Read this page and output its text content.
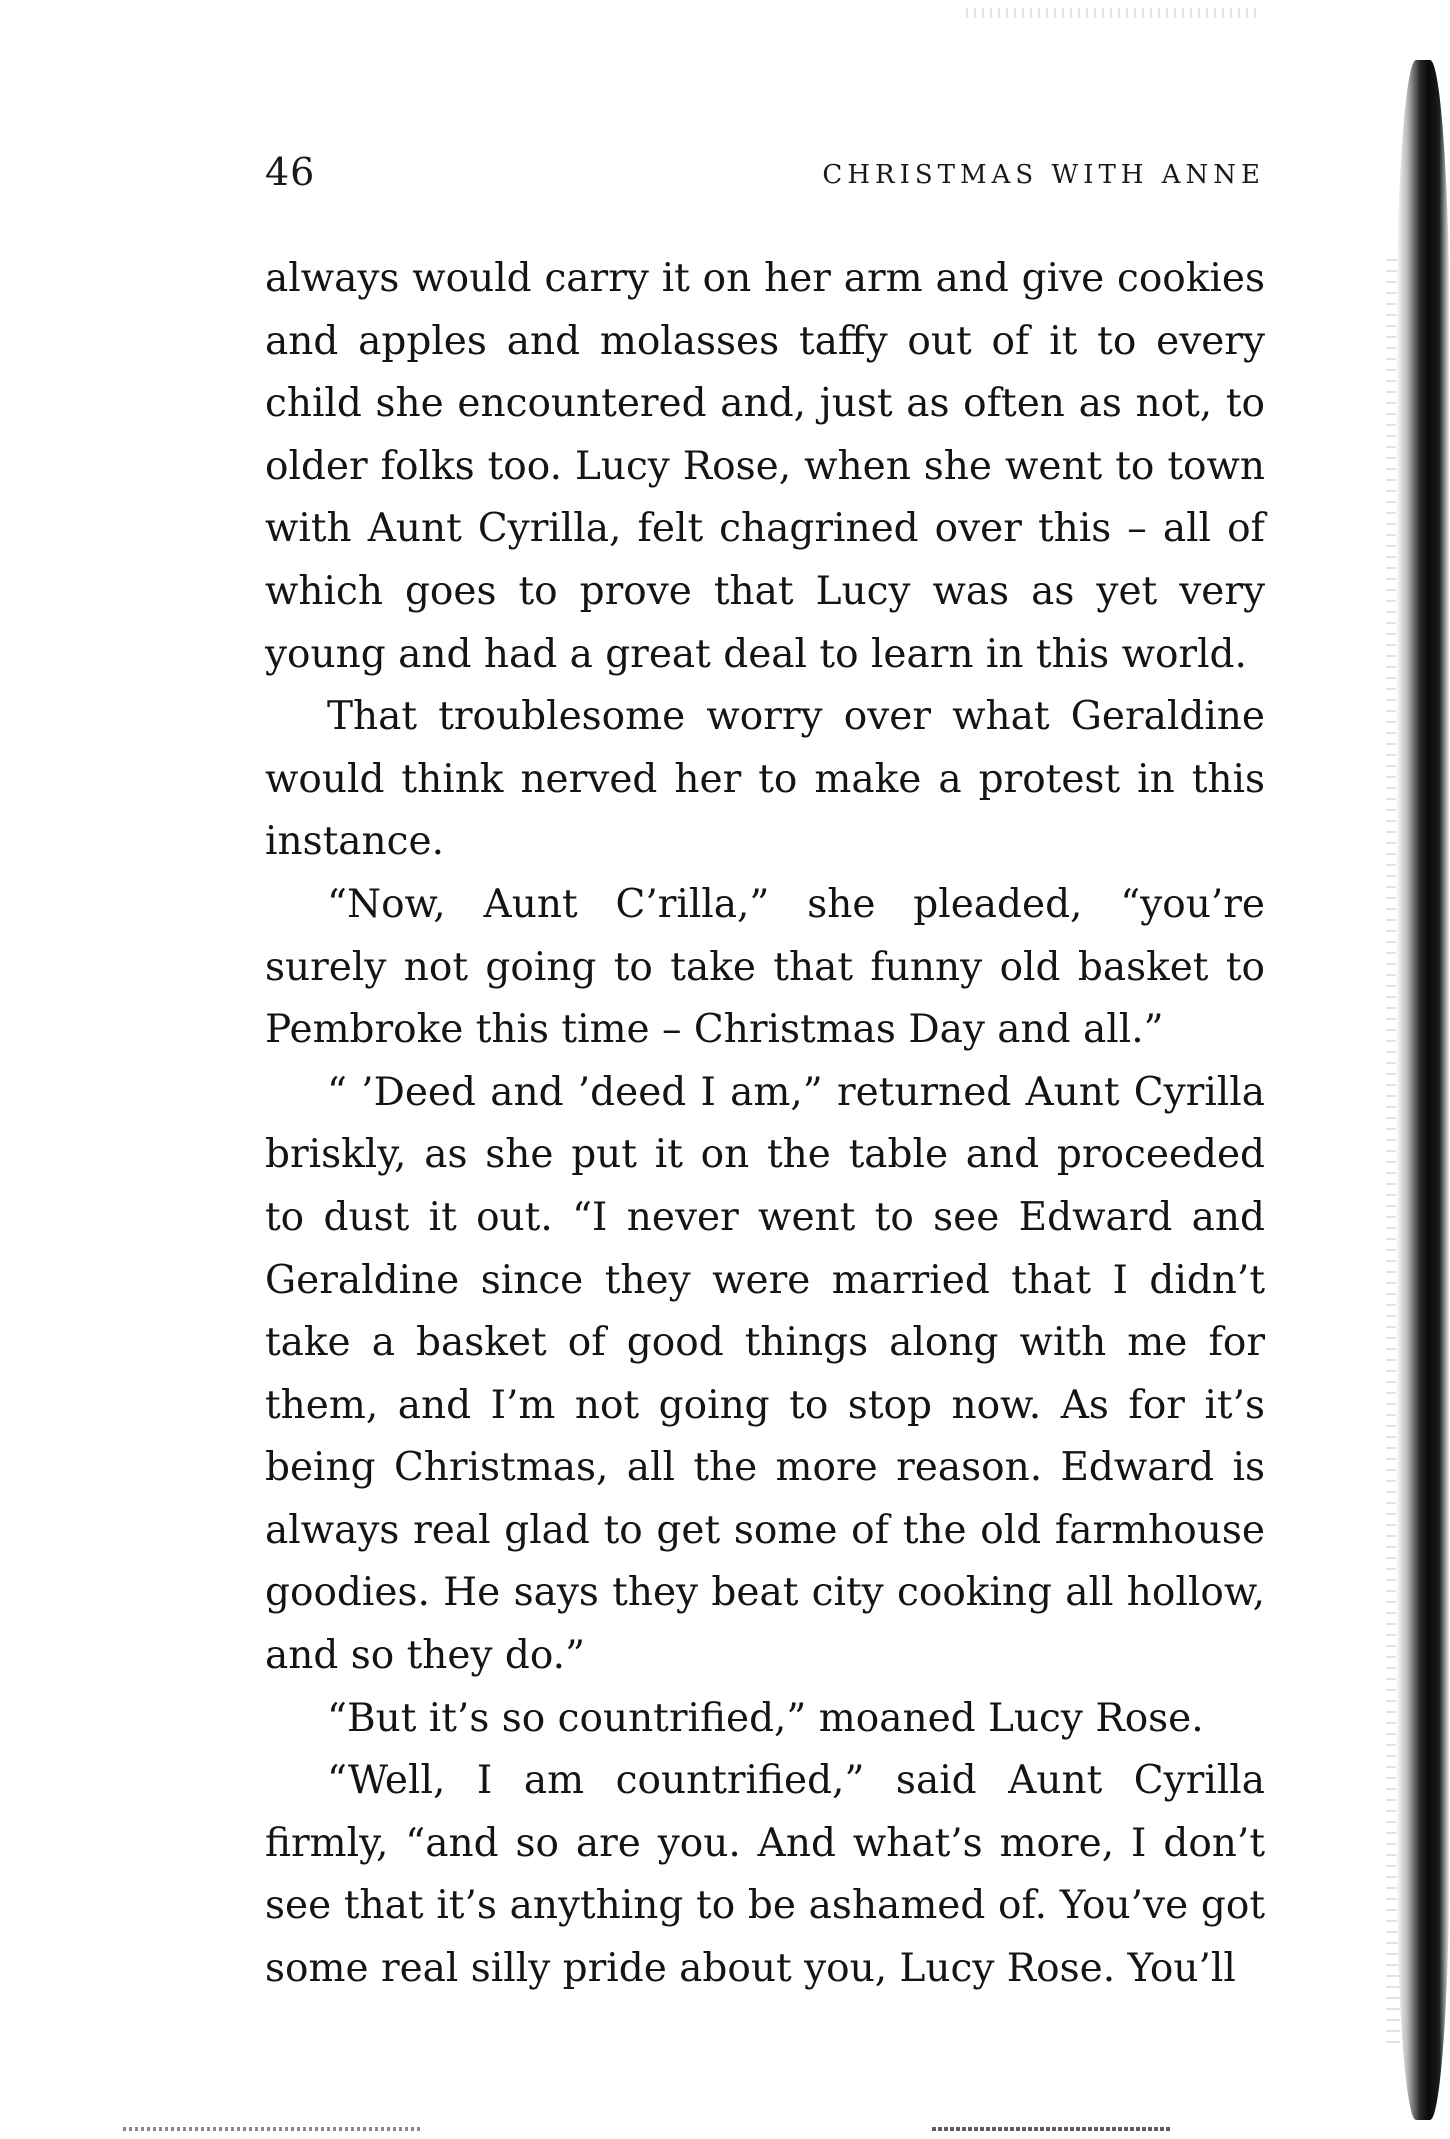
46	CHRISTMAS WITH ANNE

always would carry it on her arm and give cookies and apples and molasses taffy out of it to every child she encountered and, just as often as not, to older folks too. Lucy Rose, when she went to town with Aunt Cyrilla, felt chagrined over this – all of which goes to prove that Lucy was as yet very young and had a great deal to learn in this world.

That troublesome worry over what Geraldine would think nerved her to make a protest in this instance.

“Now, Aunt C’rilla,” she pleaded, “you’re surely not going to take that funny old basket to Pembroke this time – Christmas Day and all.”

“ ’Deed and ’deed I am,” returned Aunt Cyrilla briskly, as she put it on the table and proceeded to dust it out. “I never went to see Edward and Geraldine since they were married that I didn’t take a basket of good things along with me for them, and I’m not going to stop now. As for it’s being Christmas, all the more reason. Edward is always real glad to get some of the old farmhouse goodies. He says they beat city cooking all hollow, and so they do.”

“But it’s so countrified,” moaned Lucy Rose.

“Well, I am countrified,” said Aunt Cyrilla firmly, “and so are you. And what’s more, I don’t see that it’s anything to be ashamed of. You’ve got some real silly pride about you, Lucy Rose. You’ll
